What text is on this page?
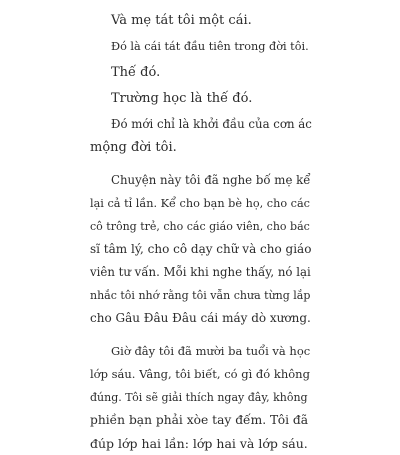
Và mẹ tát tôi một cái.

Đó là cái tát đầu tiên trong đời tôi.

Thế đó.

Trường học là thế đó.

Đó mới chỉ là khởi đầu của cơn ác
mộng đời tôi.

Chuyện này tôi đã nghe bố mẹ kể
lại cả tỉ lần. Kể cho bạn bè họ, cho các
cô trông trẻ, cho các giáo viên, cho bác
sĩ tâm lý, cho cô dạy chữ và cho giáo
viên tư vấn. Mỗi khi nghe thấy, nó lại
nhắc tôi nhớ rằng tôi vẫn chưa từng lắp
cho Gâu Đâu Đâu cái máy dò xương.

Giờ đây tôi đã mười ba tuổi và học
lớp sáu. Vâng, tôi biết, có gì đó không
đúng. Tôi sẽ giải thích ngay đây, không
phiền bạn phải xòe tay đếm. Tôi đã
đúp lớp hai lần: lớp hai và lớp sáu.
